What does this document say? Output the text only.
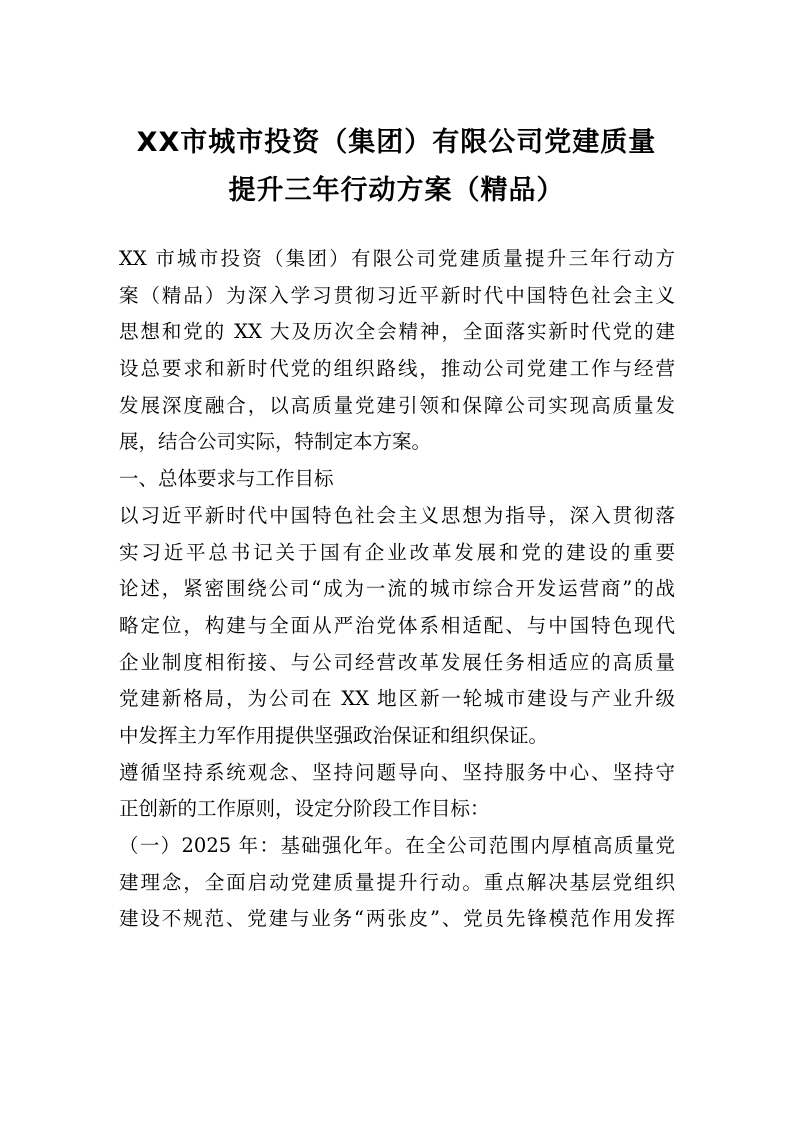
XX市城市投资（集团）有限公司党建质量
提升三年行动方案（精品）
XX 市城市投资（集团）有限公司党建质量提升三年行动方
案（精品）为深入学习贯彻习近平新时代中国特色社会主义
思想和党的 XX 大及历次全会精神，全面落实新时代党的建
设总要求和新时代党的组织路线，推动公司党建工作与经营
发展深度融合，以高质量党建引领和保障公司实现高质量发
展，结合公司实际，特制定本方案。
一、总体要求与工作目标
以习近平新时代中国特色社会主义思想为指导，深入贯彻落
实习近平总书记关于国有企业改革发展和党的建设的重要
论述，紧密围绕公司“成为一流的城市综合开发运营商”的战
略定位，构建与全面从严治党体系相适配、与中国特色现代
企业制度相衔接、与公司经营改革发展任务相适应的高质量
党建新格局，为公司在 XX 地区新一轮城市建设与产业升级
中发挥主力军作用提供坚强政治保证和组织保证。
遵循坚持系统观念、坚持问题导向、坚持服务中心、坚持守
正创新的工作原则，设定分阶段工作目标：
（一）2025 年：基础强化年。在全公司范围内厚植高质量党
建理念，全面启动党建质量提升行动。重点解决基层党组织
建设不规范、党建与业务“两张皮”、党员先锋模范作用发挥
